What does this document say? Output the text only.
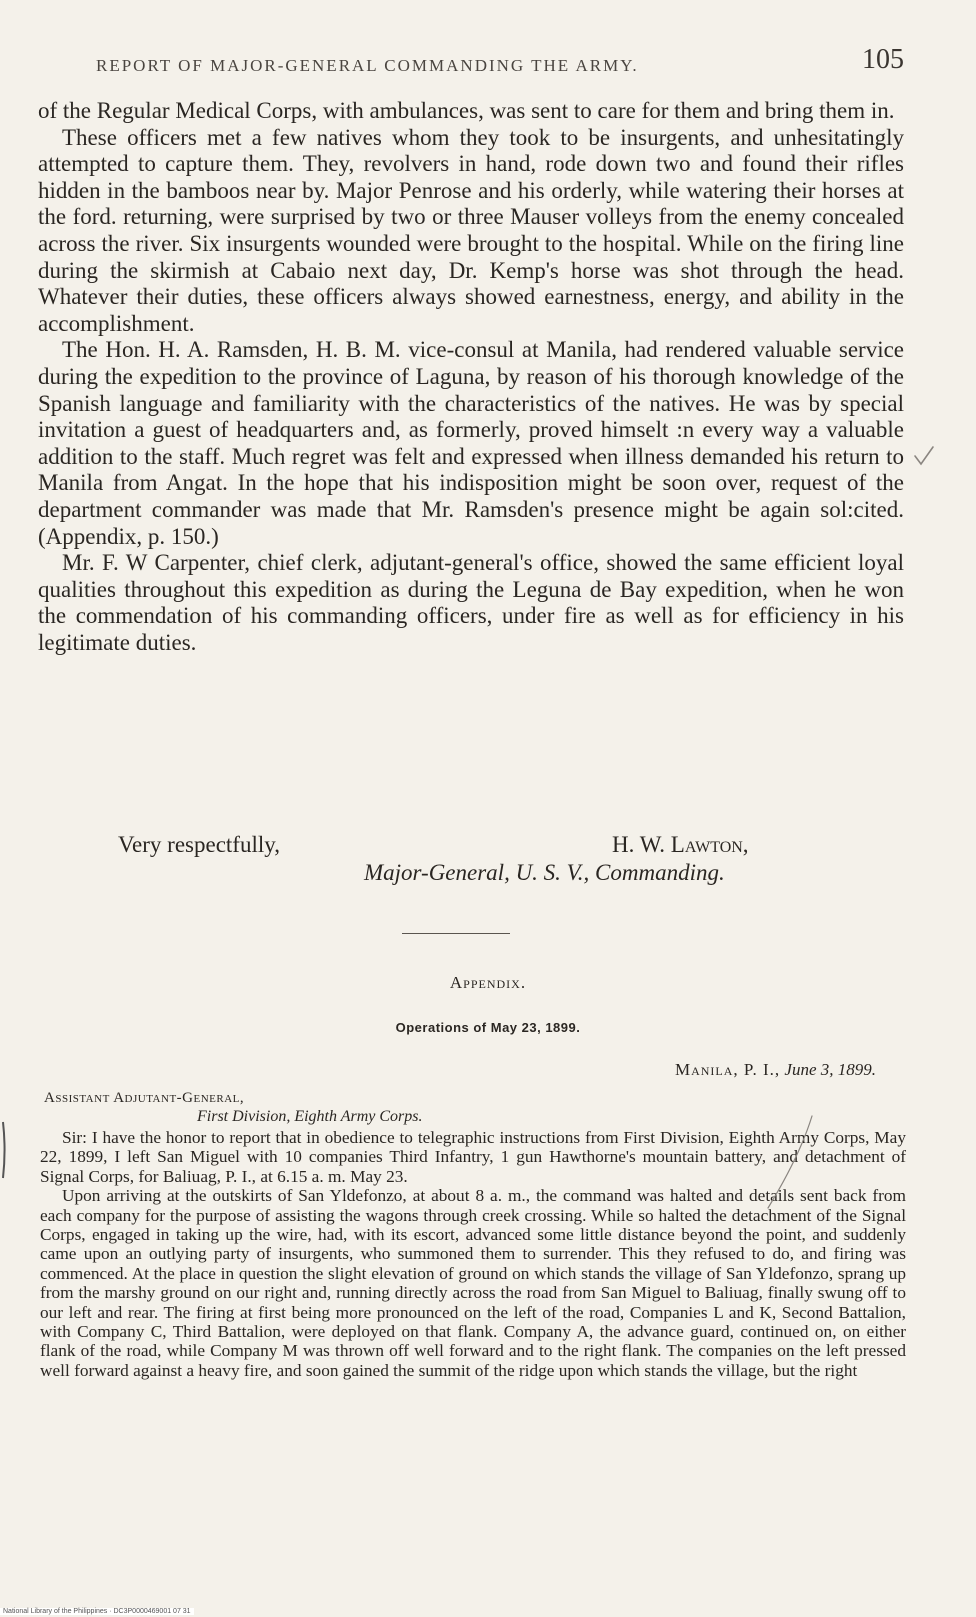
REPORT OF MAJOR-GENERAL COMMANDING THE ARMY.	105

of the Regular Medical Corps, with ambulances, was sent to care for them and bring them in.

These officers met a few natives whom they took to be insurgents, and unhesitatingly attempted to capture them. They, revolvers in hand, rode down two and found their rifles hidden in the bamboos near by. Major Penrose and his orderly, while watering their horses at the ford. returning, were surprised by two or three Mauser volleys from the enemy concealed across the river. Six insurgents wounded were brought to the hospital. While on the firing line during the skirmish at Cabaio next day, Dr. Kemp's horse was shot through the head. Whatever their duties, these officers always showed earnestness, energy, and ability in the accomplishment.

The Hon. H. A. Ramsden, H. B. M. vice-consul at Manila, had rendered valuable service during the expedition to the province of Laguna, by reason of his thorough knowledge of the Spanish language and familiarity with the characteristics of the natives. He was by special invitation a guest of headquarters and, as formerly, proved himselt :n every way a valuable addition to the staff. Much regret was felt and expressed when illness demanded his return to Manila from Angat. In the hope that his indisposition might be soon over, request of the department commander was made that Mr. Ramsden's presence might be again sol:cited. (Appendix, p. 150.)

Mr. F. W Carpenter, chief clerk, adjutant-general's office, showed the same efficient loyal qualities throughout this expedition as during the Leguna de Bay expedition, when he won the commendation of his commanding officers, under fire as well as for efficiency in his legitimate duties.

Very respectfully,	H. W. Lawton,
Major-General, U. S. V., Commanding.
Appendix.
Operations of May 23, 1899.
Manila, P. I., June 3, 1899.
Assistant Adjutant-General,
First Division, Eighth Army Corps.

Sir: I have the honor to report that in obedience to telegraphic instructions from First Division, Eighth Army Corps, May 22, 1899, I left San Miguel with 10 companies Third Infantry, 1 gun Hawthorne's mountain battery, and detachment of Signal Corps, for Baliuag, P. I., at 6.15 a. m. May 23.

Upon arriving at the outskirts of San Yldefonzo, at about 8 a. m., the command was halted and details sent back from each company for the purpose of assisting the wagons through creek crossing. While so halted the detachment of the Signal Corps, engaged in taking up the wire, had, with its escort, advanced some little distance beyond the point, and suddenly came upon an outlying party of insurgents, who summoned them to surrender. This they refused to do, and firing was commenced. At the place in question the slight elevation of ground on which stands the village of San Yldefonzo, sprang up from the marshy ground on our right and, running directly across the road from San Miguel to Baliuag, finally swung off to our left and rear. The firing at first being more pronounced on the left of the road, Companies L and K, Second Battalion, with Company C, Third Battalion, were deployed on that flank. Company A, the advance guard, continued on, on either flank of the road, while Company M was thrown off well forward and to the right flank. The companies on the left pressed well forward against a heavy fire, and soon gained the summit of the ridge upon which stands the village, but the right

National Library of the Philippines · DC3P0000469001 07 31
